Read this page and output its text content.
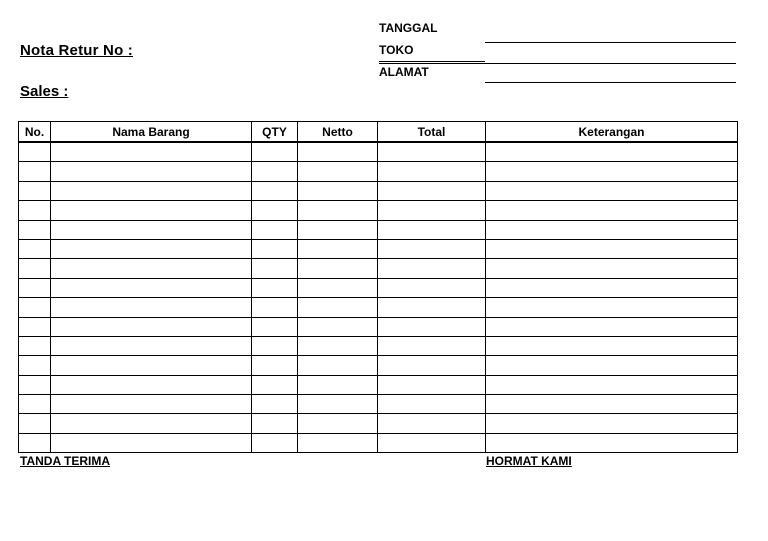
Nota Retur No :
Sales :
TANGGAL
TOKO
ALAMAT
No.	Nama Barang	QTY	Netto	Total	Keterangan

TANDA TERIMA	HORMAT KAMI
